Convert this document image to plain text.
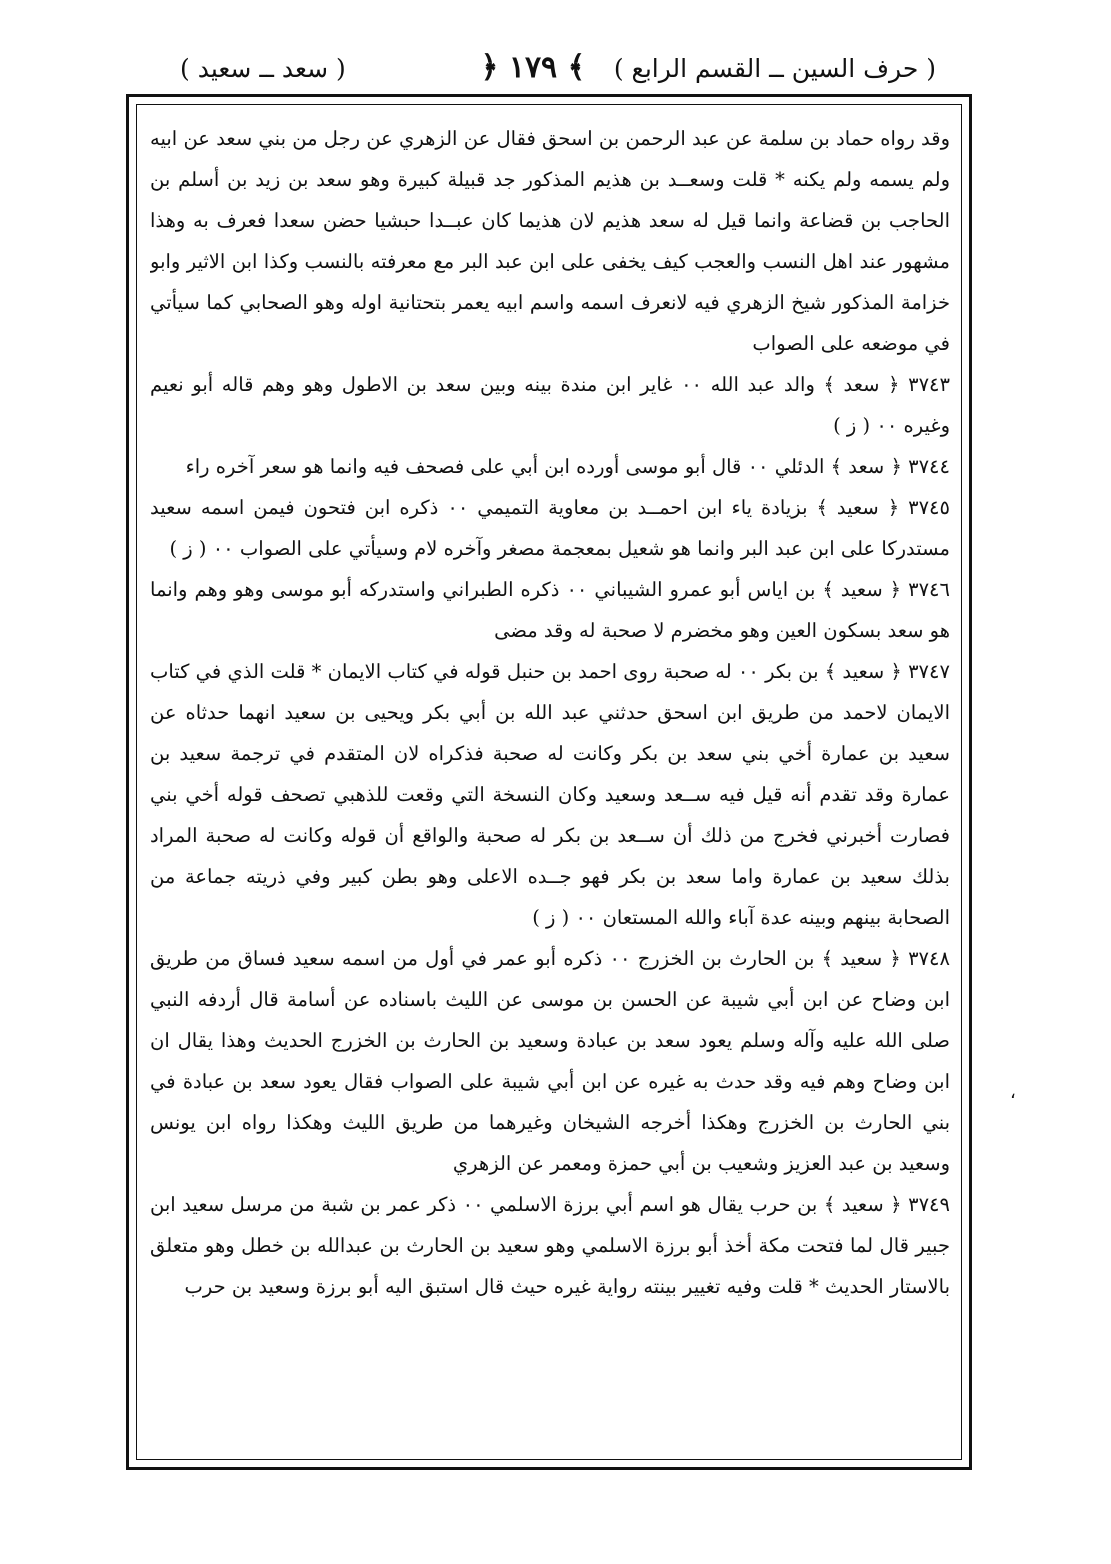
( حرف السين ــ القسم الرابع )
﴿ ١٧٩ ﴾
( سعد ــ سعيد )

وقد رواه حماد بن سلمة عن عبد الرحمن بن اسحق فقال عن الزهري عن رجل من بني سعد عن ابيه ولم يسمه ولم يكنه * قلت وسعــد بن هذيم المذكور جد قبيلة كبيرة وهو سعد بن زيد بن أسلم بن الحاجب بن قضاعة وانما قيل له سعد هذيم لان هذيما كان عبــدا حبشيا حضن سعدا فعرف به وهذا مشهور عند اهل النسب والعجب كيف يخفى على ابن عبد البر مع معرفته بالنسب وكذا ابن الاثير وابو خزامة المذكور شيخ الزهري فيه لانعرف اسمه واسم ابيه يعمر بتحتانية اوله وهو الصحابي كما سيأتي في موضعه على الصواب

٣٧٤٣ ﴿ سعد ﴾ والد عبد الله ٠٠ غاير ابن مندة بينه وبين سعد بن الاطول وهو وهم قاله أبو نعيم وغيره ٠٠ ( ز )

٣٧٤٤ ﴿ سعد ﴾ الدئلي ٠٠ قال أبو موسى أورده ابن أبي على فصحف فيه وانما هو سعر آخره راء

٣٧٤٥ ﴿ سعيد ﴾ بزيادة ياء ابن احمــد بن معاوية التميمي ٠٠ ذكره ابن فتحون فيمن اسمه سعيد مستدركا على ابن عبد البر وانما هو شعيل بمعجمة مصغر وآخره لام وسيأتي على الصواب ٠٠ ( ز )

٣٧٤٦ ﴿ سعيد ﴾ بن اياس أبو عمرو الشيباني ٠٠ ذكره الطبراني واستدركه أبو موسى وهو وهم وانما هو سعد بسكون العين وهو مخضرم لا صحبة له وقد مضى

٣٧٤٧ ﴿ سعيد ﴾ بن بكر ٠٠ له صحبة روى احمد بن حنبل قوله في كتاب الايمان * قلت الذي في كتاب الايمان لاحمد من طريق ابن اسحق حدثني عبد الله بن أبي بكر ويحيى بن سعيد انهما حدثاه عن سعيد بن عمارة أخي بني سعد بن بكر وكانت له صحبة فذكراه لان المتقدم في ترجمة سعيد بن عمارة وقد تقدم أنه قيل فيه ســعد وسعيد وكان النسخة التي وقعت للذهبي تصحف قوله أخي بني فصارت أخبرني فخرج من ذلك أن ســعد بن بكر له صحبة والواقع أن قوله وكانت له صحبة المراد بذلك سعيد بن عمارة واما سعد بن بكر فهو جــده الاعلى وهو بطن كبير وفي ذريته جماعة من الصحابة بينهم وبينه عدة آباء والله المستعان ٠٠ ( ز )

٣٧٤٨ ﴿ سعيد ﴾ بن الحارث بن الخزرج ٠٠ ذكره أبو عمر في أول من اسمه سعيد فساق من طريق ابن وضاح عن ابن أبي شيبة عن الحسن بن موسى عن الليث باسناده عن أسامة قال أردفه النبي صلى الله عليه وآله وسلم يعود سعد بن عبادة وسعيد بن الحارث بن الخزرج الحديث وهذا يقال ان ابن وضاح وهم فيه وقد حدث به غيره عن ابن أبي شيبة على الصواب فقال يعود سعد بن عبادة في بني الحارث بن الخزرج وهكذا أخرجه الشيخان وغيرهما من طريق الليث وهكذا رواه ابن يونس وسعيد بن عبد العزيز وشعيب بن أبي حمزة ومعمر عن الزهري

٣٧٤٩ ﴿ سعيد ﴾ بن حرب يقال هو اسم أبي برزة الاسلمي ٠٠ ذكر عمر بن شبة من مرسل سعيد ابن جبير قال لما فتحت مكة أخذ أبو برزة الاسلمي وهو سعيد بن الحارث بن عبدالله بن خطل وهو متعلق بالاستار الحديث * قلت وفيه تغيير بينته رواية غيره حيث قال استبق اليه أبو برزة وسعيد بن حرب

،
